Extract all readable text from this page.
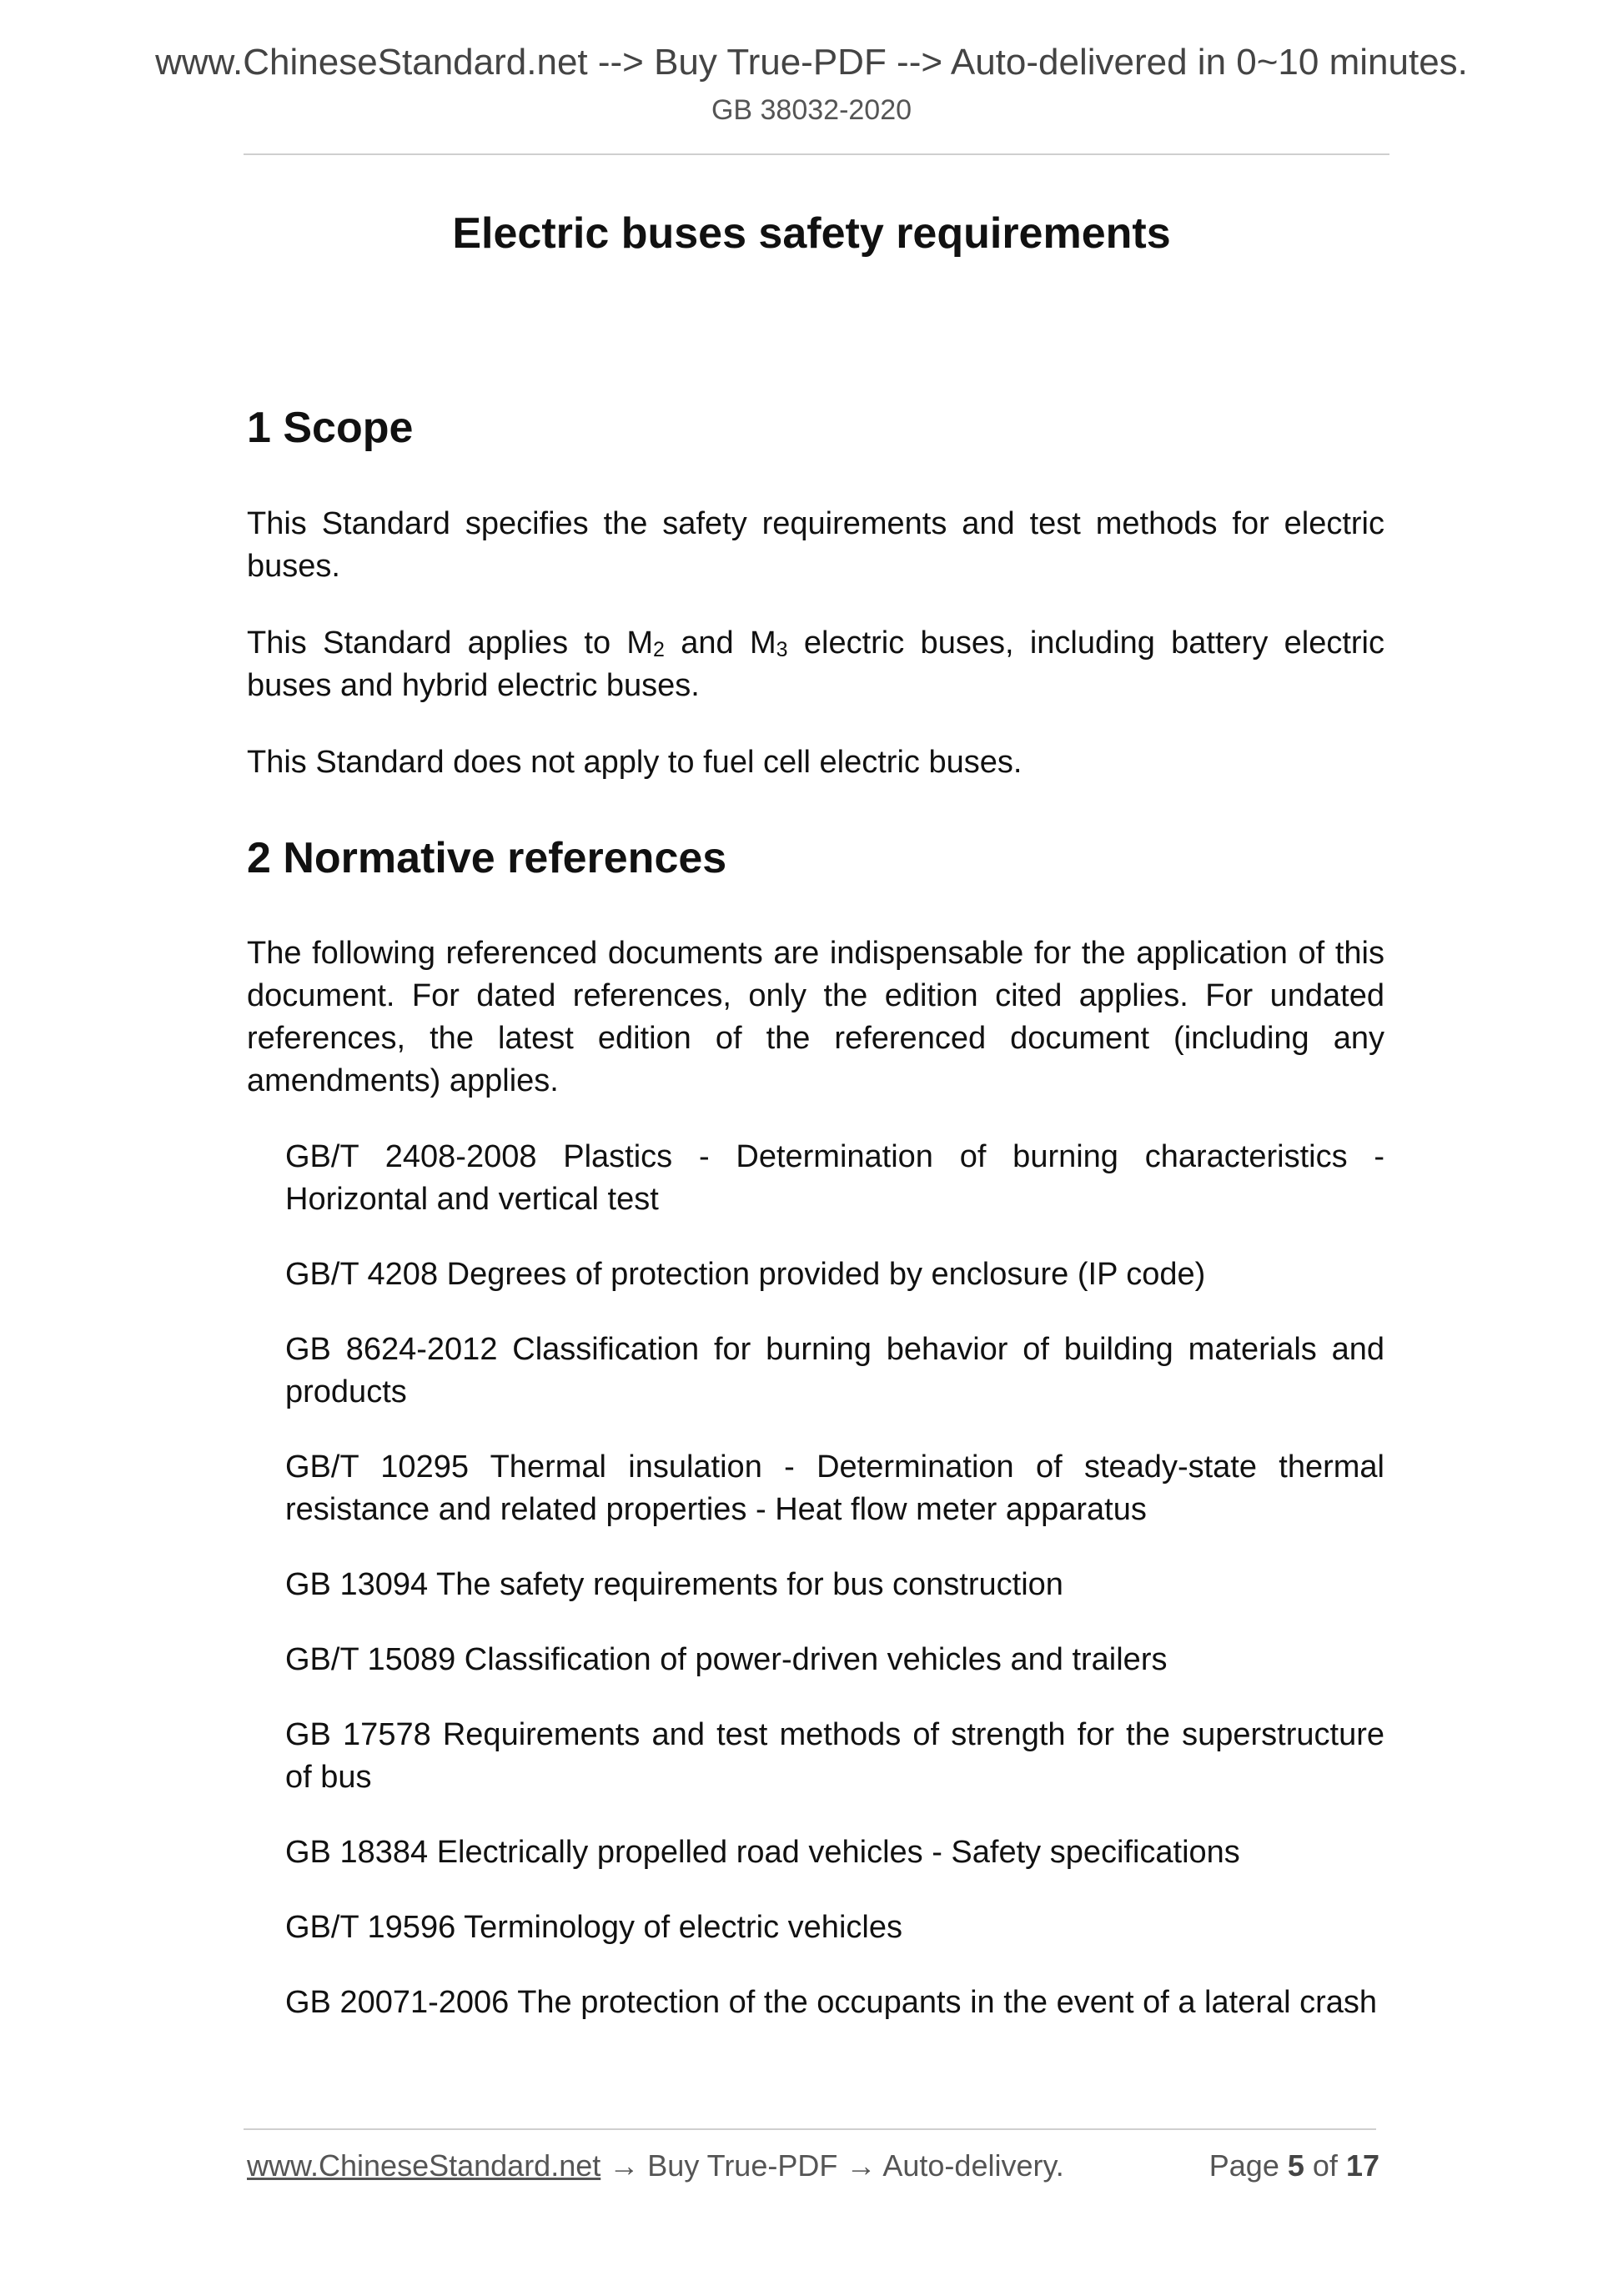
www.ChineseStandard.net --> Buy True-PDF --> Auto-delivered in 0~10 minutes.
GB 38032-2020
Electric buses safety requirements
1 Scope

This Standard specifies the safety requirements and test methods for electric buses.

This Standard applies to M2 and M3 electric buses, including battery electric buses and hybrid electric buses.

This Standard does not apply to fuel cell electric buses.

2 Normative references

The following referenced documents are indispensable for the application of this document. For dated references, only the edition cited applies. For undated references, the latest edition of the referenced document (including any amendments) applies.

GB/T 2408-2008 Plastics - Determination of burning characteristics - Horizontal and vertical test
GB/T 4208 Degrees of protection provided by enclosure (IP code)
GB 8624-2012 Classification for burning behavior of building materials and products
GB/T 10295 Thermal insulation - Determination of steady-state thermal resistance and related properties - Heat flow meter apparatus
GB 13094 The safety requirements for bus construction
GB/T 15089 Classification of power-driven vehicles and trailers
GB 17578 Requirements and test methods of strength for the superstructure of bus
GB 18384 Electrically propelled road vehicles - Safety specifications
GB/T 19596 Terminology of electric vehicles
GB 20071-2006 The protection of the occupants in the event of a lateral crash
www.ChineseStandard.net → Buy True-PDF → Auto-delivery.	Page 5 of 17
